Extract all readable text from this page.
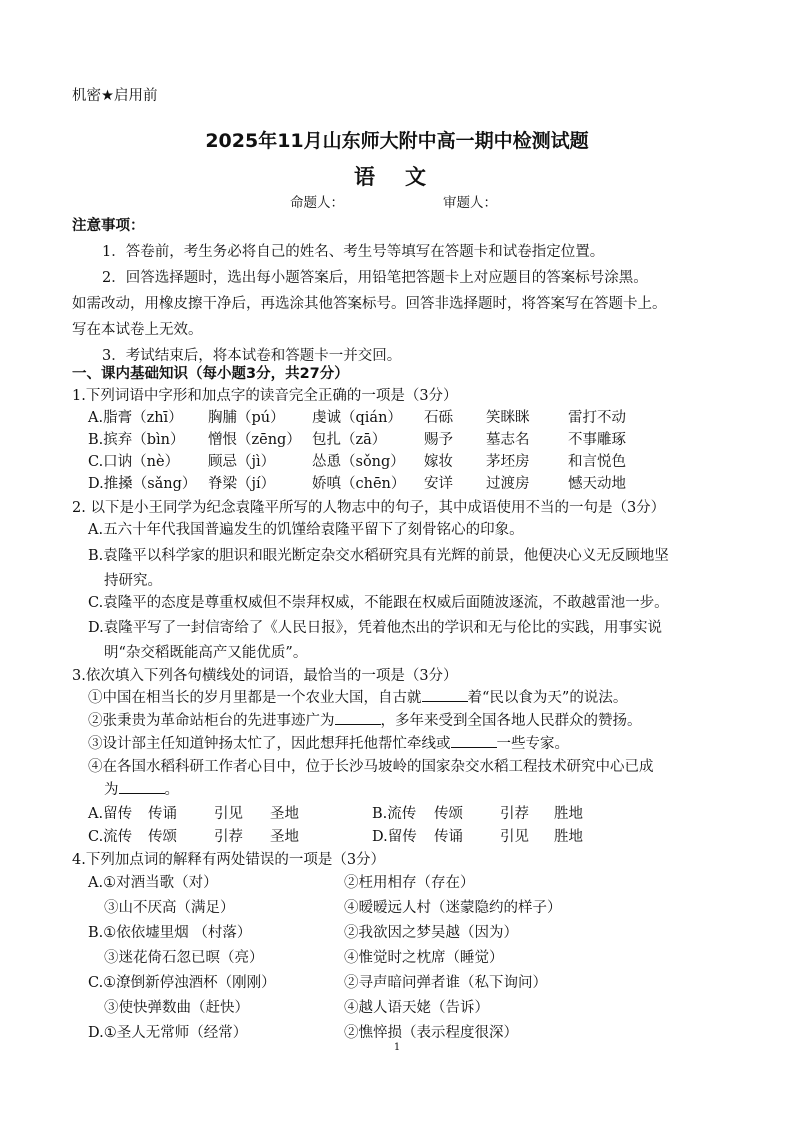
机密★启用前
2025年11月山东师大附中高一期中检测试题
语文
命题人：	审题人：
注意事项：
1．答卷前，考生务必将自己的姓名、考生号等填写在答题卡和试卷指定位置。
2．回答选择题时，选出每小题答案后，用铅笔把答题卡上对应题目的答案标号涂黑。
如需改动，用橡皮擦干净后，再选涂其他答案标号。回答非选择题时，将答案写在答题卡上。
写在本试卷上无效。
3．考试结束后，将本试卷和答题卡一并交回。
一、课内基础知识（每小题3分，共27分）
1.下列词语中字形和加点字的读音完全正确的一项是（3分）
A.脂膏（zhī） 胸脯（pú） 虔诚（qián） 石砾 笑眯眯	雷打不动
B.摈弃（bìn） 憎恨（zēng） 包扎（zā）	赐予 墓志名	不事雕琢
C.口讷（nè） 顾忌（jì）	怂恿（sǒng） 嫁妆 茅坯房	和言悦色
D.推搡（sǎng） 脊梁（jí）	娇嗔（chēn） 安详 过渡房	憾天动地
2. 以下是小王同学为纪念袁隆平所写的人物志中的句子，其中成语使用不当的一句是（3分）
A.五六十年代我国普遍发生的饥馑给袁隆平留下了刻骨铭心的印象。
B.袁隆平以科学家的胆识和眼光断定杂交水稻研究具有光辉的前景，他便决心义无反顾地坚
持研究。
C.袁隆平的态度是尊重权威但不崇拜权威，不能跟在权威后面随波逐流，不敢越雷池一步。
D.袁隆平写了一封信寄给了《人民日报》，凭着他杰出的学识和无与伦比的实践，用事实说
明“杂交稻既能高产又能优质”。
3.依次填入下列各句横线处的词语，最恰当的一项是（3分）
①中国在相当长的岁月里都是一个农业大国，自古就	着“民以食为天”的说法。
②张秉贵为革命站柜台的先进事迹广为	，多年来受到全国各地人民群众的赞扬。
③设计部主任知道钟扬太忙了，因此想拜托他帮忙牵线或	一些专家。
④在各国水稻科研工作者心目中，位于长沙马坡岭的国家杂交水稻工程技术研究中心已成
为	。
A.留传 传诵	引见 圣地	B.流传 传颂	引荐 胜地
C.流传 传颂	引荐 圣地	D.留传 传诵	引见 胜地
4.下列加点词的解释有两处错误的一项是（3分）
A.①对酒当歌（对）	②枉用相存（存在）
③山不厌高（满足）	④暧暧远人村（迷蒙隐约的样子）
B.①依依墟里烟 （村落）	②我欲因之梦吴越（因为）
③迷花倚石忽已暝（亮）	④惟觉时之枕席（睡觉）
C.①潦倒新停浊酒杯（刚刚）	②寻声暗问弹者谁（私下询问）
③使快弹数曲（赶快）	④越人语天姥（告诉）
D.①圣人无常师（经常）	②憔悴损（表示程度很深）
1
